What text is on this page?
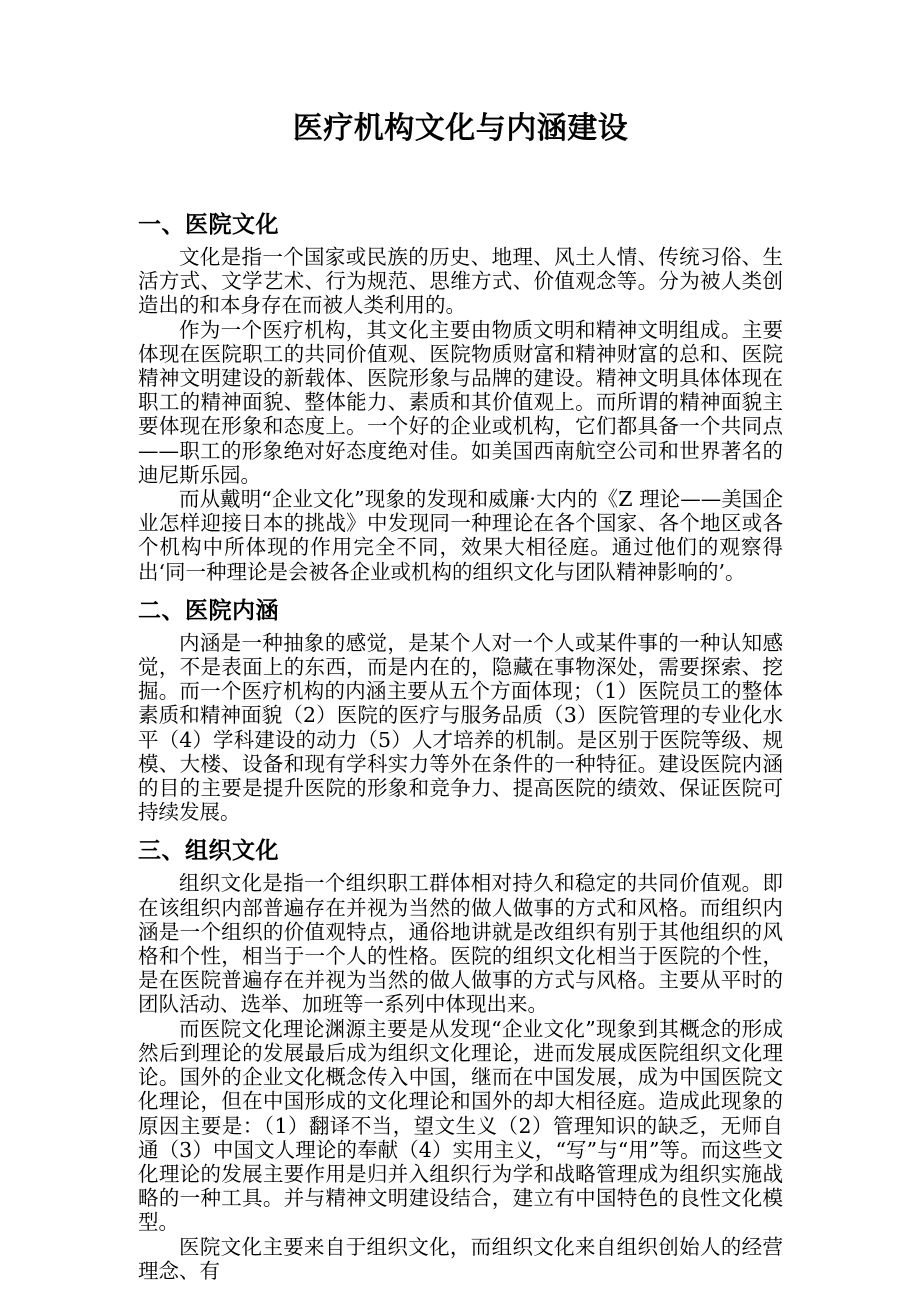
医疗机构文化与内涵建设
一、医院文化

文化是指一个国家或民族的历史、地理、风土人情、传统习俗、生活方式、文学艺术、行为规范、思维方式、价值观念等。分为被人类创造出的和本身存在而被人类利用的。

作为一个医疗机构，其文化主要由物质文明和精神文明组成。主要体现在医院职工的共同价值观、医院物质财富和精神财富的总和、医院精神文明建设的新载体、医院形象与品牌的建设。精神文明具体体现在职工的精神面貌、整体能力、素质和其价值观上。而所谓的精神面貌主要体现在形象和态度上。一个好的企业或机构，它们都具备一个共同点——职工的形象绝对好态度绝对佳。如美国西南航空公司和世界著名的迪尼斯乐园。

而从戴明“企业文化”现象的发现和威廉·大内的《Z 理论——美国企业怎样迎接日本的挑战》中发现同一种理论在各个国家、各个地区或各个机构中所体现的作用完全不同，效果大相径庭。通过他们的观察得出‘同一种理论是会被各企业或机构的组织文化与团队精神影响的’。

二、医院内涵

内涵是一种抽象的感觉，是某个人对一个人或某件事的一种认知感觉，不是表面上的东西，而是内在的，隐藏在事物深处，需要探索、挖掘。而一个医疗机构的内涵主要从五个方面体现；（1）医院员工的整体素质和精神面貌（2）医院的医疗与服务品质（3）医院管理的专业化水平（4）学科建设的动力（5）人才培养的机制。是区别于医院等级、规模、大楼、设备和现有学科实力等外在条件的一种特征。建设医院内涵的目的主要是提升医院的形象和竞争力、提高医院的绩效、保证医院可持续发展。

三、组织文化

组织文化是指一个组织职工群体相对持久和稳定的共同价值观。即在该组织内部普遍存在并视为当然的做人做事的方式和风格。而组织内涵是一个组织的价值观特点，通俗地讲就是改组织有别于其他组织的风格和个性，相当于一个人的性格。医院的组织文化相当于医院的个性，是在医院普遍存在并视为当然的做人做事的方式与风格。主要从平时的团队活动、选举、加班等一系列中体现出来。

而医院文化理论渊源主要是从发现“企业文化”现象到其概念的形成然后到理论的发展最后成为组织文化理论，进而发展成医院组织文化理论。国外的企业文化概念传入中国，继而在中国发展，成为中国医院文化理论，但在中国形成的文化理论和国外的却大相径庭。造成此现象的原因主要是：（1）翻译不当，望文生义（2）管理知识的缺乏，无师自通（3）中国文人理论的奉献（4）实用主义，“写”与“用”等。而这些文化理论的发展主要作用是归并入组织行为学和战略管理成为组织实施战略的一种工具。并与精神文明建设结合，建立有中国特色的良性文化模型。

医院文化主要来自于组织文化，而组织文化来自组织创始人的经营理念、有
